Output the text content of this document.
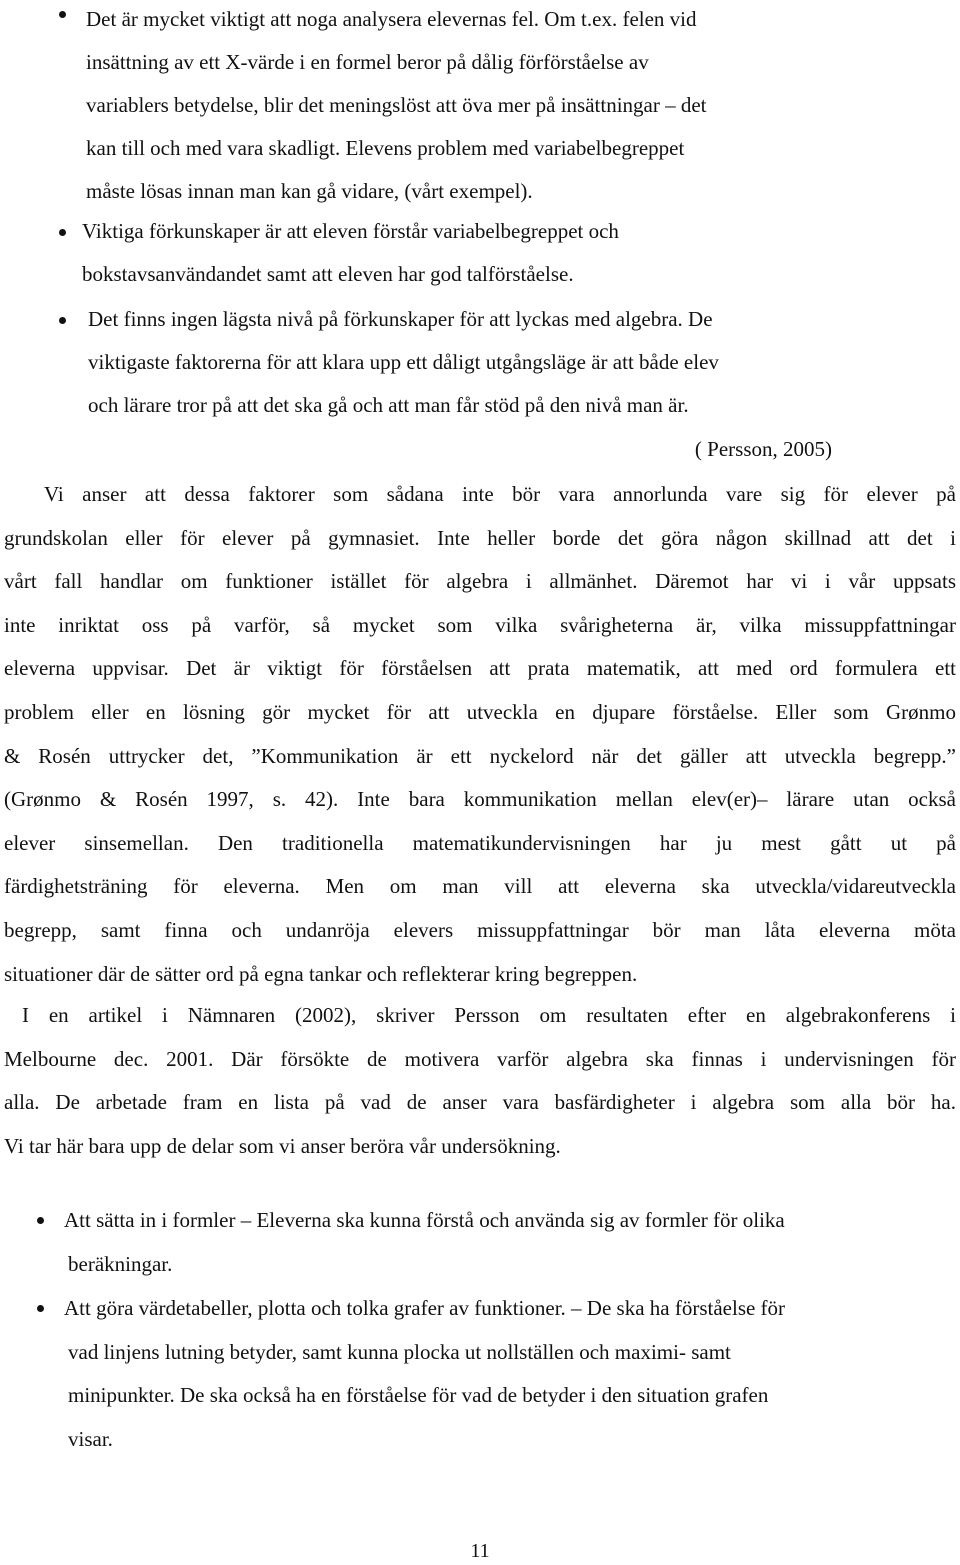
Det är mycket viktigt att noga analysera elevernas fel. Om t.ex. felen vid
insättning av ett X-värde i en formel beror på dålig förförståelse av
variablers betydelse, blir det meningslöst att öva mer på insättningar – det
kan till och med vara skadligt. Elevens problem med variabelbegreppet
måste lösas innan man kan gå vidare, (vårt exempel).
Viktiga förkunskaper är att eleven förstår variabelbegreppet och
bokstavsanvändandet samt att eleven har god talförståelse.
Det finns ingen lägsta nivå på förkunskaper för att lyckas med algebra. De
viktigaste faktorerna för att klara upp ett dåligt utgångsläge är att både elev
och lärare tror på att det ska gå och att man får stöd på den nivå man är.
( Persson, 2005)
Vi anser att dessa faktorer som sådana inte bör vara annorlunda vare sig för elever på
grundskolan eller för elever på gymnasiet. Inte heller borde det göra någon skillnad att det i
vårt fall handlar om funktioner istället för algebra i allmänhet. Däremot har vi i vår uppsats
inte inriktat oss på varför, så mycket som vilka svårigheterna är, vilka missuppfattningar
eleverna uppvisar. Det är viktigt för förståelsen att prata matematik, att med ord formulera ett
problem eller en lösning gör mycket för att utveckla en djupare förståelse. Eller som Grønmo
& Rosén uttrycker det, ”Kommunikation är ett nyckelord när det gäller att utveckla begrepp.”
(Grønmo & Rosén 1997, s. 42). Inte bara kommunikation mellan elev(er)– lärare utan också
elever sinsemellan. Den traditionella matematikundervisningen har ju mest gått ut på
färdighetsträning för eleverna. Men om man vill att eleverna ska utveckla/vidareutveckla
begrepp, samt finna och undanröja elevers missuppfattningar bör man låta eleverna möta
situationer där de sätter ord på egna tankar och reflekterar kring begreppen.
I en artikel i Nämnaren (2002), skriver Persson om resultaten efter en algebrakonferens i
Melbourne dec. 2001. Där försökte de motivera varför algebra ska finnas i undervisningen för
alla. De arbetade fram en lista på vad de anser vara basfärdigheter i algebra som alla bör ha.
Vi tar här bara upp de delar som vi anser beröra vår undersökning.
Att sätta in i formler – Eleverna ska kunna förstå och använda sig av formler för olika
beräkningar.
Att göra värdetabeller, plotta och tolka grafer av funktioner. – De ska ha förståelse för
vad linjens lutning betyder, samt kunna plocka ut nollställen och maximi- samt
minipunkter. De ska också ha en förståelse för vad de betyder i den situation grafen
visar.
11
